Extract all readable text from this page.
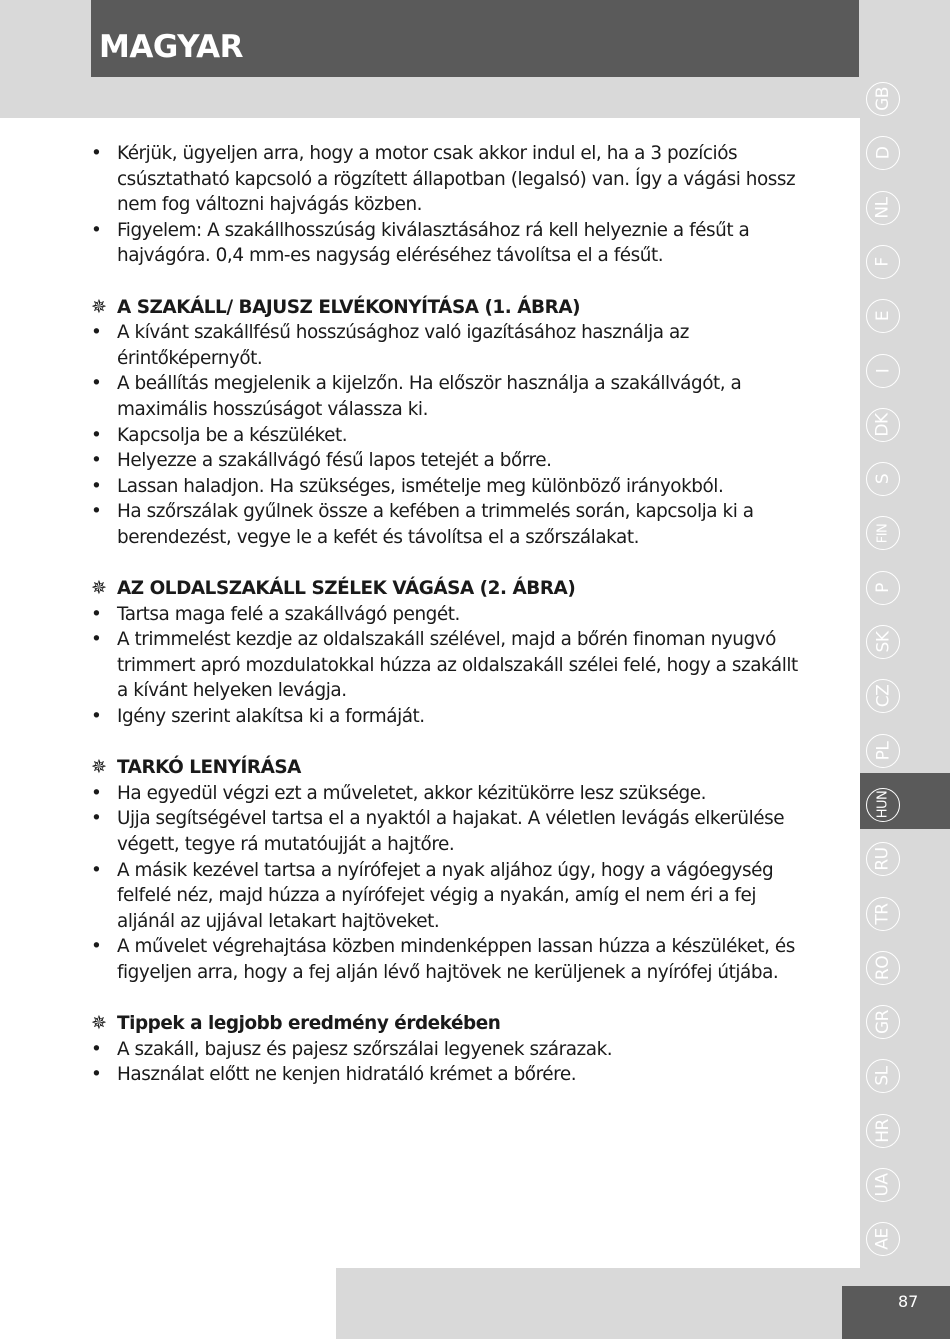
MAGYAR
GB
D
NL
F
E
I
DK
S
FIN
P
SK
CZ
PL
HUN
RU
TR
RO
GR
SL
HR
UA
AE
• Kérjük, ügyeljen arra, hogy a motor csak akkor indul el, ha a 3 pozíciós
csúsztatható kapcsoló a rögzített állapotban (legalsó) van. Így a vágási hossz
nem fog változni hajvágás közben.
• Figyelem: A szakállhosszúság kiválasztásához rá kell helyeznie a fésűt a
hajvágóra. 0,4 mm-es nagyság eléréséhez távolítsa el a fésűt.
✵ A SZAKÁLL/ BAJUSZ ELVÉKONYÍTÁSA (1. ÁBRA)
• A kívánt szakállfésű hosszúsághoz való igazításához használja az
érintőképernyőt.
• A beállítás megjelenik a kijelzőn. Ha először használja a szakállvágót, a
maximális hosszúságot válassza ki.
• Kapcsolja be a készüléket.
• Helyezze a szakállvágó fésű lapos tetejét a bőrre.
• Lassan haladjon. Ha szükséges, ismételje meg különböző irányokból.
• Ha szőrszálak gyűlnek össze a kefében a trimmelés során, kapcsolja ki a
berendezést, vegye le a kefét és távolítsa el a szőrszálakat.
✵ AZ OLDALSZAKÁLL SZÉLEK VÁGÁSA (2. ÁBRA)
• Tartsa maga felé a szakállvágó pengét.
• A trimmelést kezdje az oldalszakáll szélével, majd a bőrén finoman nyugvó
trimmert apró mozdulatokkal húzza az oldalszakáll szélei felé, hogy a szakállt
a kívánt helyeken levágja.
• Igény szerint alakítsa ki a formáját.
✵ TARKÓ LENYÍRÁSA
• Ha egyedül végzi ezt a műveletet, akkor kézitükörre lesz szüksége.
• Ujja segítségével tartsa el a nyaktól a hajakat. A véletlen levágás elkerülése
végett, tegye rá mutatóujját a hajtőre.
• A másik kezével tartsa a nyírófejet a nyak aljához úgy, hogy a vágóegység
felfelé néz, majd húzza a nyírófejet végig a nyakán, amíg el nem éri a fej
aljánál az ujjával letakart hajtöveket.
• A művelet végrehajtása közben mindenképpen lassan húzza a készüléket, és
figyeljen arra, hogy a fej alján lévő hajtövek ne kerüljenek a nyírófej útjába.
✵ Tippek a legjobb eredmény érdekében
• A szakáll, bajusz és pajesz szőrszálai legyenek szárazak.
• Használat előtt ne kenjen hidratáló krémet a bőrére.
87
